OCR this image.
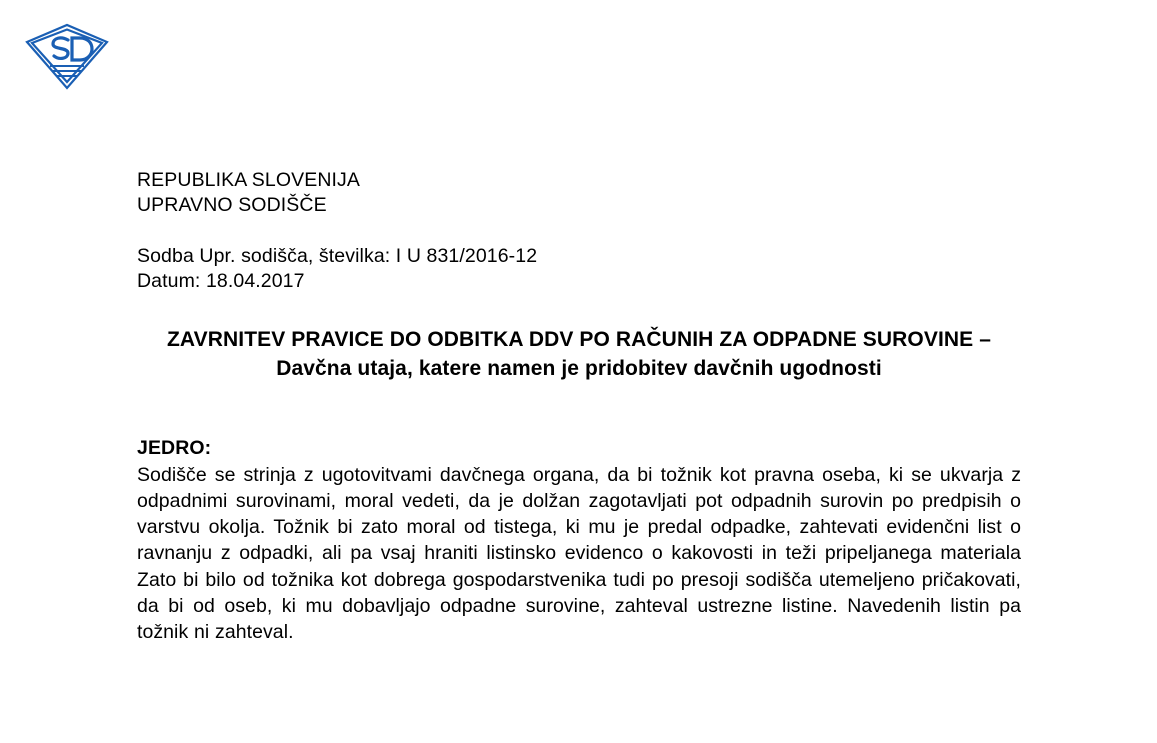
REPUBLIKA SLOVENIJA
UPRAVNO SODIŠČE
Sodba Upr. sodišča, številka: I U 831/2016-12
Datum: 18.04.2017
ZAVRNITEV PRAVICE DO ODBITKA DDV PO RAČUNIH ZA ODPADNE SUROVINE – Davčna utaja, katere namen je pridobitev davčnih ugodnosti
JEDRO:
Sodišče se strinja z ugotovitvami davčnega organa, da bi tožnik kot pravna oseba, ki se ukvarja z odpadnimi surovinami, moral vedeti, da je dolžan zagotavljati pot odpadnih surovin po predpisih o varstvu okolja. Tožnik bi zato moral od tistega, ki mu je predal odpadke, zahtevati evidenčni list o ravnanju z odpadki, ali pa vsaj hraniti listinsko evidenco o kakovosti in teži pripeljanega materiala Zato bi bilo od tožnika kot dobrega gospodarstvenika tudi po presoji sodišča utemeljeno pričakovati, da bi od oseb, ki mu dobavljajo odpadne surovine, zahteval ustrezne listine. Navedenih listin pa tožnik ni zahteval.
